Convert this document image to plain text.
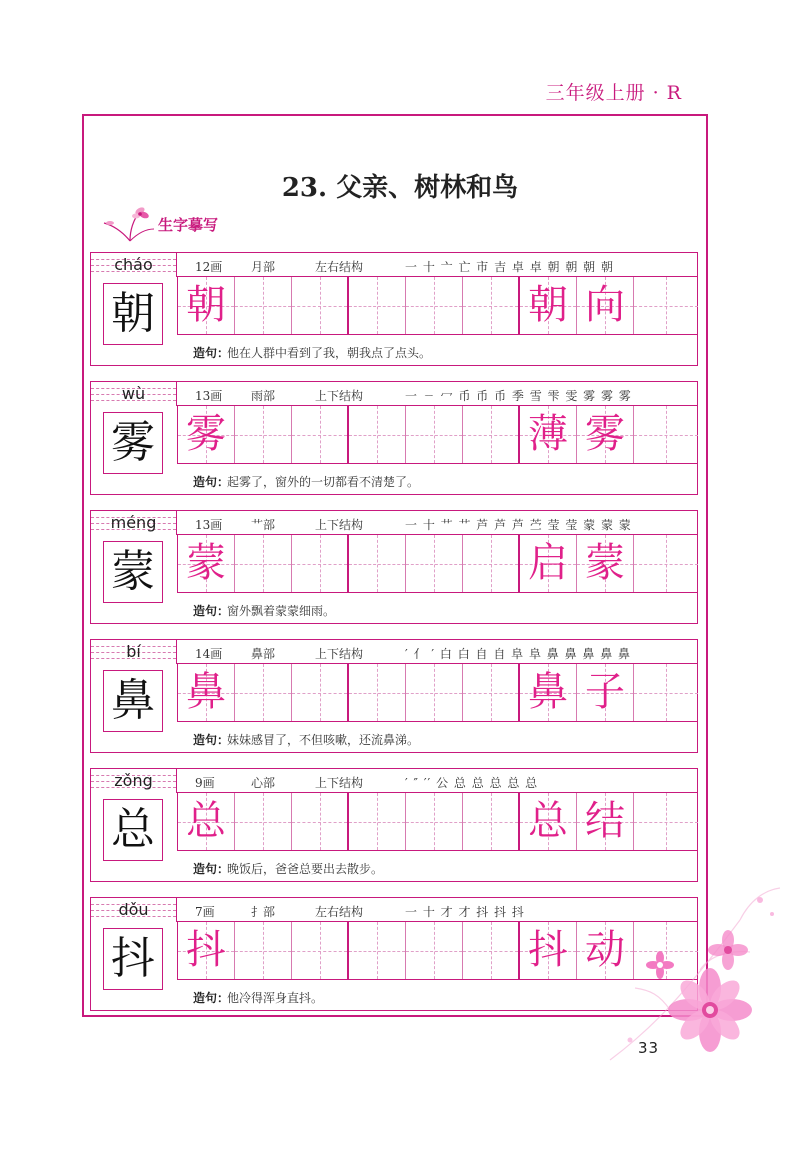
三年级上册 · R
23. 父亲、树林和鸟
生字摹写
cháo	12画 月部	左右结构	一 十 亠 亡 市 吉 卓 卓 朝 朝 朝 朝
朝 朝	朝 向
造句：
他在人群中看到了我，朝我点了点头。
wù	13画 雨部	上下结构	一 ㄧ 冖 币 币 币 季 雪 雫 雯 雾 雾 雾
雾 雾	薄 雾
造句：
起雾了，窗外的一切都看不清楚了。
méng	13画 艹部	上下结构	一 十 艹 艹 芦 芦 芦 苎 莹 莹 蒙 蒙 蒙
蒙 蒙	启 蒙
造句：
窗外飘着蒙蒙细雨。
bí	14画 鼻部	上下结构	′ 亻 ′ 白 白 自 自 阜 阜 鼻 鼻 鼻 鼻 鼻
鼻 鼻	鼻 子
造句：
妹妹感冒了，不但咳嗽，还流鼻涕。
zǒng	9画	心部	上下结构	′ ″ ′′ 公 总 总 总 总 总
总 总	总 结
造句：
晚饭后，爸爸总要出去散步。
dǒu	7画	扌部	左右结构	一 十 才 才 抖 抖 抖
抖 抖	抖 动
造句：
他冷得浑身直抖。
33
